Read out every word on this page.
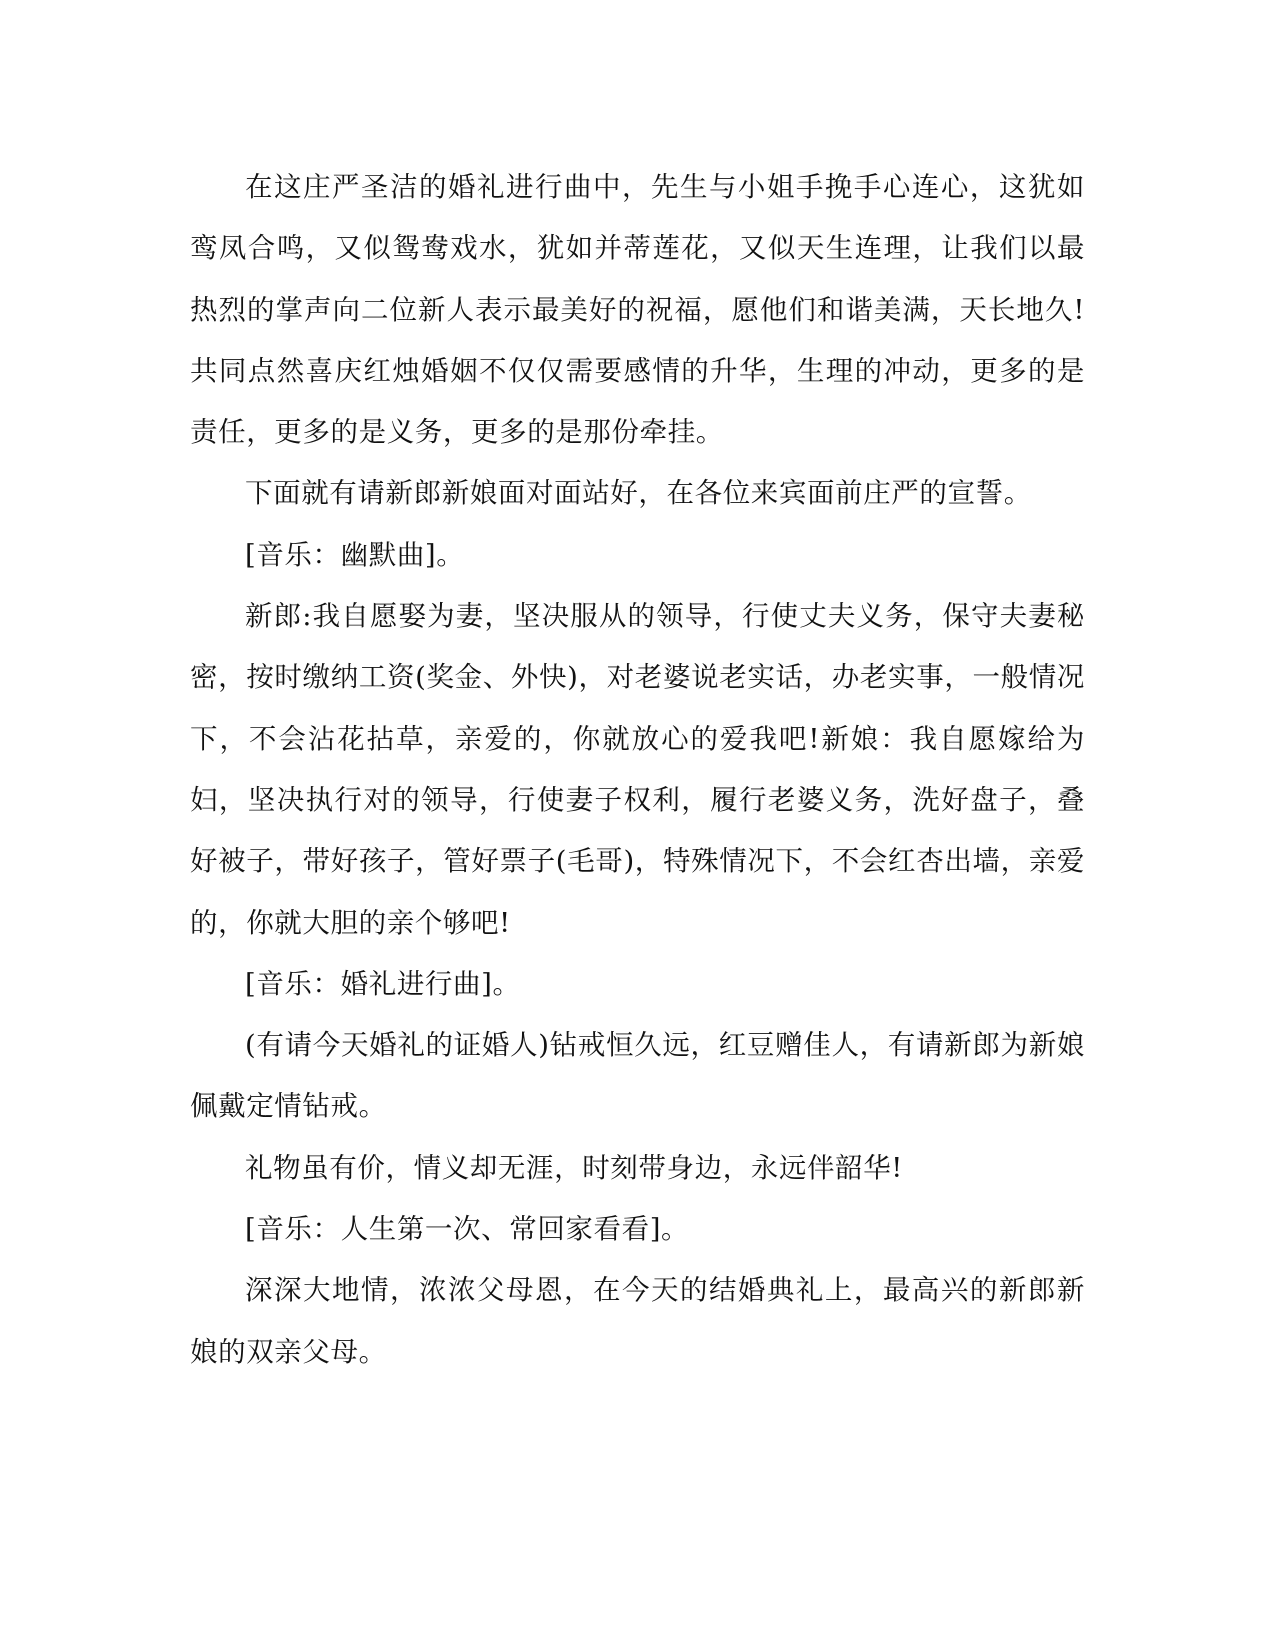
在这庄严圣洁的婚礼进行曲中，先生与小姐手挽手心连心，这犹如鸾凤合鸣，又似鸳鸯戏水，犹如并蒂莲花，又似天生连理，让我们以最热烈的掌声向二位新人表示最美好的祝福，愿他们和谐美满，天长地久!共同点然喜庆红烛婚姻不仅仅需要感情的升华，生理的冲动，更多的是责任，更多的是义务，更多的是那份牵挂。

下面就有请新郎新娘面对面站好，在各位来宾面前庄严的宣誓。

[音乐：幽默曲]。

新郎:我自愿娶为妻，坚决服从的领导，行使丈夫义务，保守夫妻秘密，按时缴纳工资(奖金、外快)，对老婆说老实话，办老实事，一般情况下，不会沾花拈草，亲爱的，你就放心的爱我吧!新娘：我自愿嫁给为妇，坚决执行对的领导，行使妻子权利，履行老婆义务，洗好盘子，叠好被子，带好孩子，管好票子(毛哥)，特殊情况下，不会红杏出墙，亲爱的，你就大胆的亲个够吧!

[音乐：婚礼进行曲]。

(有请今天婚礼的证婚人)钻戒恒久远，红豆赠佳人，有请新郎为新娘佩戴定情钻戒。

礼物虽有价，情义却无涯，时刻带身边，永远伴韶华!

[音乐：人生第一次、常回家看看]。

深深大地情，浓浓父母恩，在今天的结婚典礼上，最高兴的新郎新娘的双亲父母。
